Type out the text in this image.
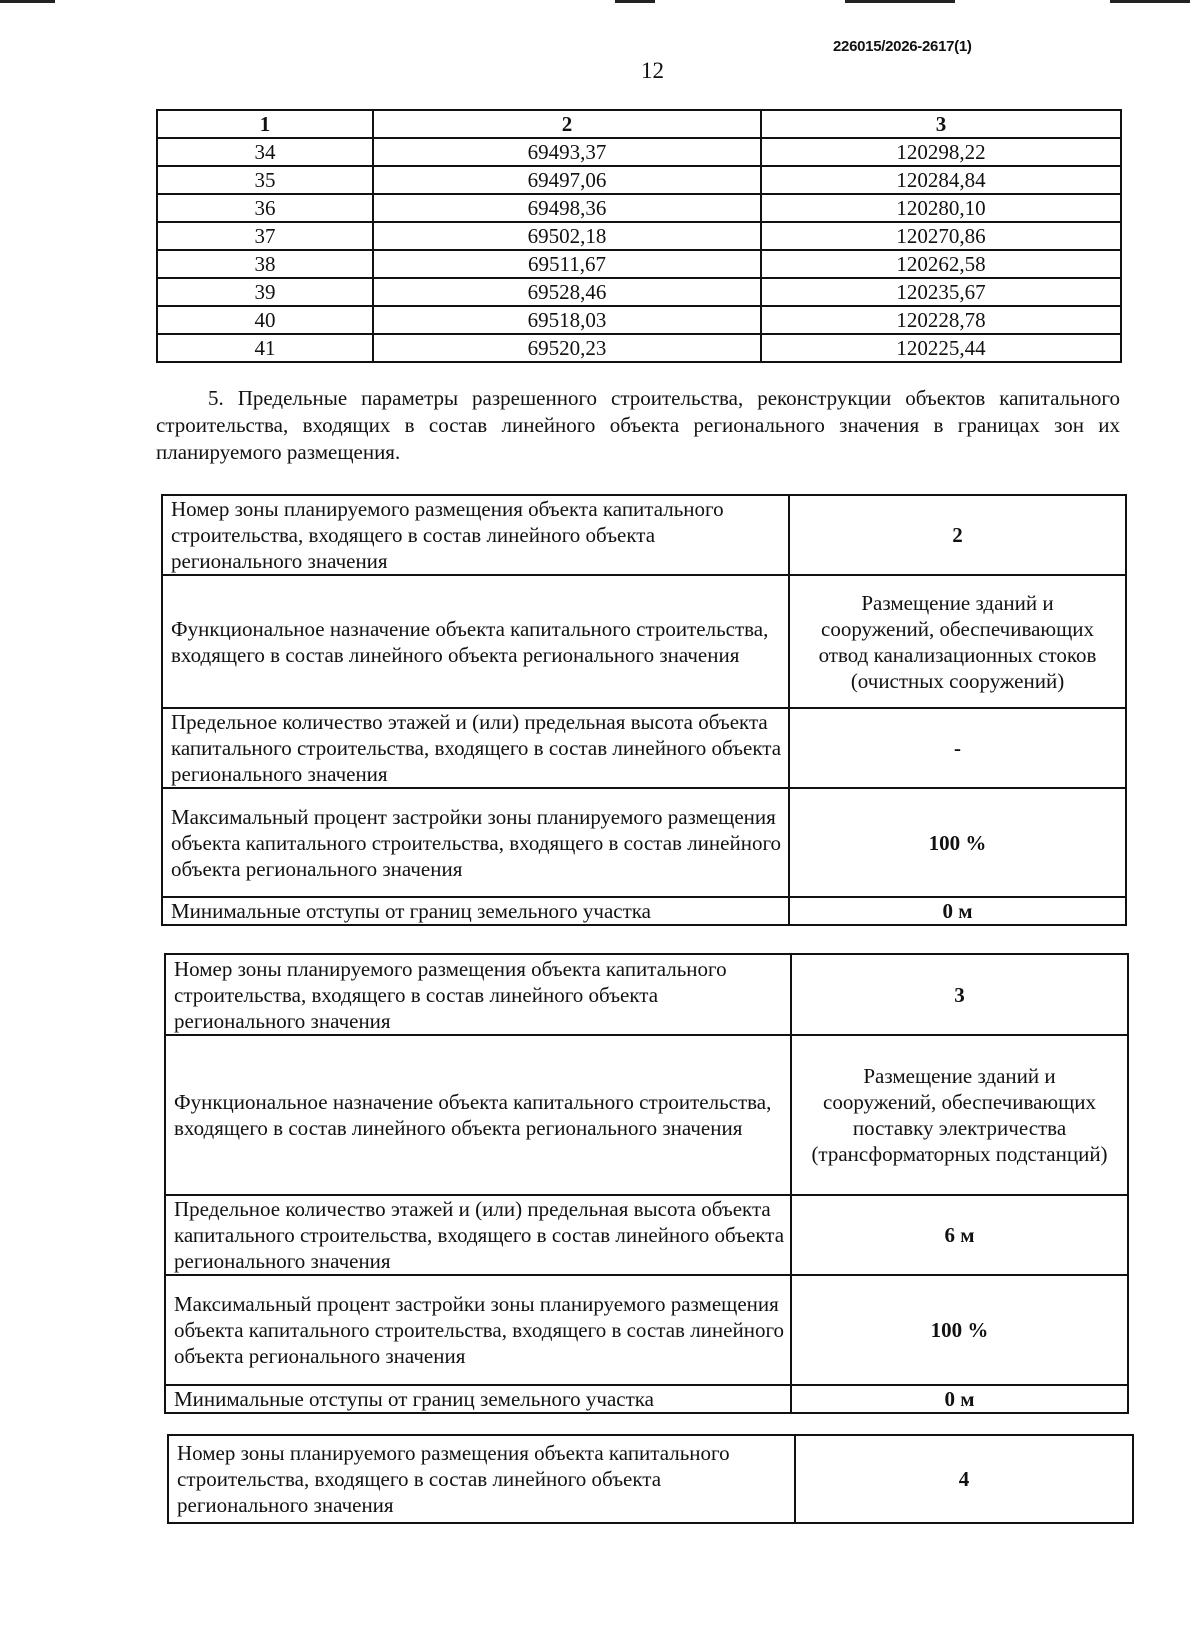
226015/2026-2617(1)
12
1	2	3
34	69493,37	120298,22
35	69497,06	120284,84
36	69498,36	120280,10
37	69502,18	120270,86
38	69511,67	120262,58
39	69528,46	120235,67
40	69518,03	120228,78
41	69520,23	120225,44
5. Предельные параметры разрешенного строительства, реконструкции объектов капитального строительства, входящих в состав линейного объекта регионального значения в границах зон их планируемого размещения.
Номер зоны планируемого размещения объекта капитального строительства, входящего в состав линейного объекта регионального значения	2
Функциональное назначение объекта капитального строительства, входящего в состав линейного объекта регионального значения	Размещение зданий и сооружений, обеспечивающих отвод канализационных стоков (очистных сооружений)
Предельное количество этажей и (или) предельная высота объекта капитального строительства, входящего в состав линейного объекта регионального значения	-
Максимальный процент застройки зоны планируемого размещения объекта капитального строительства, входящего в состав линейного объекта регионального значения	100 %
Минимальные отступы от границ земельного участка	0 м
Номер зоны планируемого размещения объекта капитального строительства, входящего в состав линейного объекта регионального значения	3
Функциональное назначение объекта капитального строительства, входящего в состав линейного объекта регионального значения	Размещение зданий и сооружений, обеспечивающих поставку электричества (трансформаторных подстанций)
Предельное количество этажей и (или) предельная высота объекта капитального строительства, входящего в состав линейного объекта регионального значения	6 м
Максимальный процент застройки зоны планируемого размещения объекта капитального строительства, входящего в состав линейного объекта регионального значения	100 %
Минимальные отступы от границ земельного участка	0 м
Номер зоны планируемого размещения объекта капитального строительства, входящего в состав линейного объекта регионального значения	4
